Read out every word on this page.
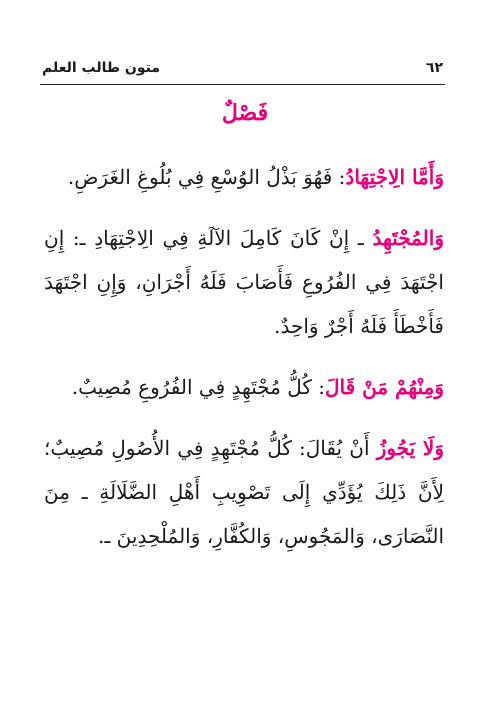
متون طالب العلم	٦٢
فَصْلٌ

وَأَمَّا الِاجْتِهَادُ: فَهُوَ بَذْلُ الوُسْعِ فِي بُلُوغِ الغَرَضِ.

وَالمُجْتَهِدُ ـ إِنْ كَانَ كَامِلَ الآلَةِ فِي الِاجْتِهَادِ ـ: إِنِ اجْتَهَدَ فِي الفُرُوعِ فَأَصَابَ فَلَهُ أَجْرَانِ، وَإِنِ اجْتَهَدَ فَأَخْطَأَ فَلَهُ أَجْرٌ وَاحِدٌ.

وَمِنْهُمْ مَنْ قَالَ: كُلُّ مُجْتَهِدٍ فِي الفُرُوعِ مُصِيبٌ.

وَلَا يَجُوزُ أَنْ يُقَالَ: كُلُّ مُجْتَهِدٍ فِي الأُصُولِ مُصِيبٌ؛ لِأَنَّ ذَلِكَ يُؤَدِّي إِلَى تَصْوِيبِ أَهْلِ الضَّلَالَةِ ـ مِنَ النَّصَارَى، وَالمَجُوسِ، وَالكُفَّارِ، وَالمُلْحِدِينَ ـ.
